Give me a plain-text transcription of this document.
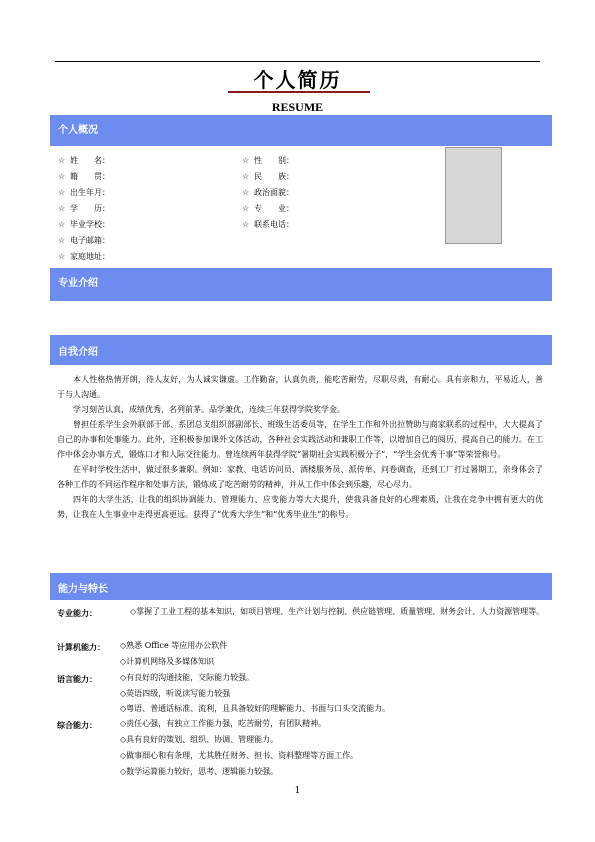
个人简历
RESUME
个人概况
☆ 姓　　名：
☆ 籍　　贯：
☆ 出生年月：
☆ 学　　历：
☆ 毕业学校：
☆ 电子邮箱：
☆ 家庭地址：
☆ 性　　别：
☆ 民　　族：
☆ 政治面貌：
☆ 专　　业：
☆ 联系电话：
专业介绍
自我介绍

本人性格热情开朗，待人友好，为人诚实谦虚。工作勤奋，认真负责，能吃苦耐劳，尽职尽责，有耐心。具有亲和力，平易近人，善于与人沟通。

学习刻苦认真，成绩优秀，名列前茅。品学兼优，连续三年获得学院奖学金。

曾担任系学生会外联部干部、系团总支组织部副部长、班级生活委员等，在学生工作和外出拉赞助与商家联系的过程中，大大提高了自己的办事和处事能力。此外，还积极参加课外文体活动，各种社会实践活动和兼职工作等，以增加自己的阅历，提高自己的能力。在工作中体会办事方式，锻炼口才和人际交往能力。曾连续两年获得学院“暑期社会实践积极分子”，“学生会优秀干事”等荣誉称号。

在平时学校生活中，做过很多兼职。例如：家教、电话访问员、酒楼服务员、派传单、问卷调查，还到工厂打过暑期工，亲身体会了各种工作的不同运作程序和处事方法，锻炼成了吃苦耐劳的精神，并从工作中体会到乐趣，尽心尽力。

四年的大学生活，让我的组织协调能力、管理能力、应变能力等大大提升，使我具备良好的心理素质，让我在竞争中拥有更大的优势，让我在人生事业中走得更高更远。获得了“优秀大学生”和“优秀毕业生”的称号。

能力与特长
专业能力：	◇掌握了工业工程的基本知识，如项目管理、生产计划与控制、供应链管理、质量管理、财务会计、人力资源管理等。
计算机能力： ◇熟悉 Office 等应用办公软件
◇计算机网络及多媒体知识
语言能力：	◇有良好的沟通技能，交际能力较强。
◇英语四级，听说读写能力较强
◇粤语、普通话标准、流利，且具备较好的理解能力、书面与口头交流能力。
综合能力：	◇责任心强，有独立工作能力强，吃苦耐劳，有团队精神。
◇具有良好的策划、组织、协调、管理能力。
◇做事细心和有条理，尤其胜任财务、担书、资料整理等方面工作。
◇数学运算能力较好，思考、逻辑能力较强。
1
